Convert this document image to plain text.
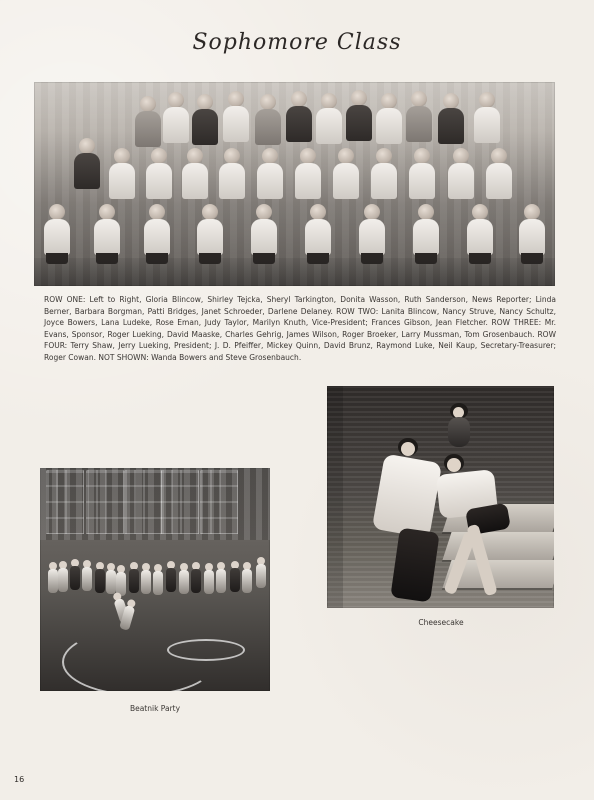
Sophomore Class
ROW ONE: Left to Right, Gloria Blincow, Shirley Tejcka, Sheryl Tarkington, Donita Wasson, Ruth Sanderson, News Reporter; Linda Berner, Barbara Borgman, Patti Bridges, Janet Schroeder, Darlene Delaney. ROW TWO: Lanita Blincow, Nancy Struve, Nancy Schultz, Joyce Bowers, Lana Ludeke, Rose Eman, Judy Taylor, Marilyn Knuth, Vice-President; Frances Gibson, Jean Fletcher. ROW THREE: Mr. Evans, Sponsor, Roger Lueking, David Maaske, Charles Gehrig, James Wilson, Roger Broeker, Larry Mussman, Tom Grosenbauch. ROW FOUR: Terry Shaw, Jerry Lueking, President; J. D. Pfeiffer, Mickey Quinn, David Brunz, Raymond Luke, Neil Kaup, Secretary-Treasurer; Roger Cowan. NOT SHOWN: Wanda Bowers and Steve Grosenbauch.
Cheesecake
Beatnik Party
16
